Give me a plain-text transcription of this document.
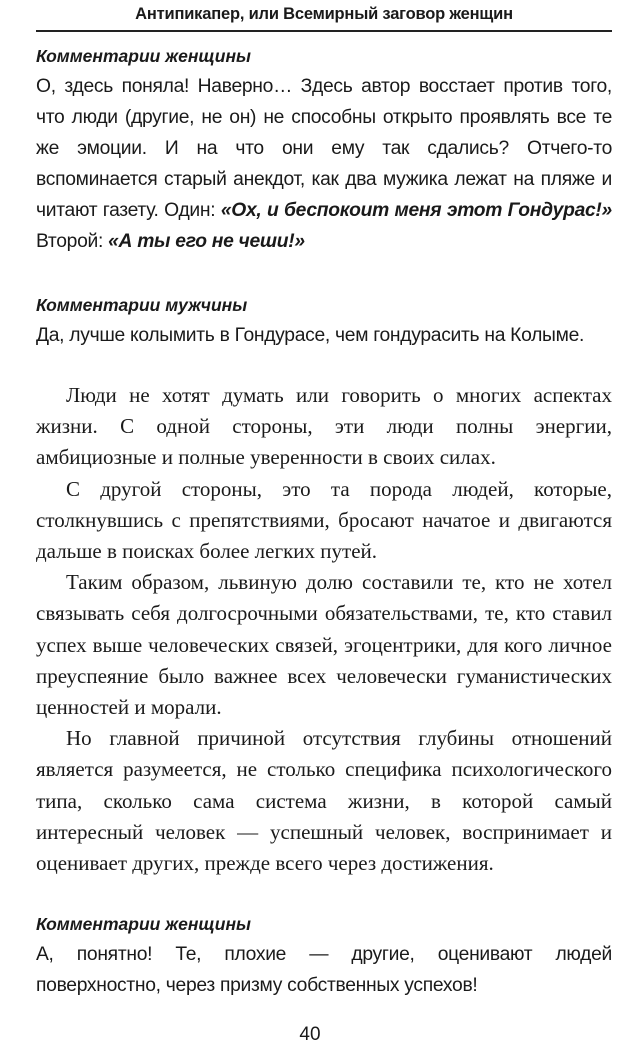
Антипикапер, или Всемирный заговор женщин

Комментарии женщины

О, здесь поняла! Наверно… Здесь автор восстает против того, что люди (другие, не он) не способны открыто проявлять все те же эмоции. И на что они ему так сдались? Отчего-то вспоминается старый анекдот, как два мужика лежат на пляже и читают газету. Один: «Ох, и беспокоит меня этот Гондурас!» Второй: «А ты его не чеши!»

Комментарии мужчины

Да, лучше колымить в Гондурасе, чем гондурасить на Колыме.

Люди не хотят думать или говорить о многих аспектах жизни. С одной стороны, эти люди полны энергии, амбициозные и полные уверенности в своих силах.

С другой стороны, это та порода людей, которые, столкнувшись с препятствиями, бросают начатое и двигаются дальше в поисках более легких путей.

Таким образом, львиную долю составили те, кто не хотел связывать себя долгосрочными обязательствами, те, кто ставил успех выше человеческих связей, эгоцентрики, для кого личное преуспеяние было важнее всех человечески гуманистических ценностей и морали.

Но главной причиной отсутствия глубины отношений является разумеется, не столько специфика психологического типа, сколько сама система жизни, в которой самый интересный человек — успешный человек, воспринимает и оценивает других, прежде всего через достижения.

Комментарии женщины

А, понятно! Те, плохие — другие, оценивают людей поверхностно, через призму собственных успехов!

40
